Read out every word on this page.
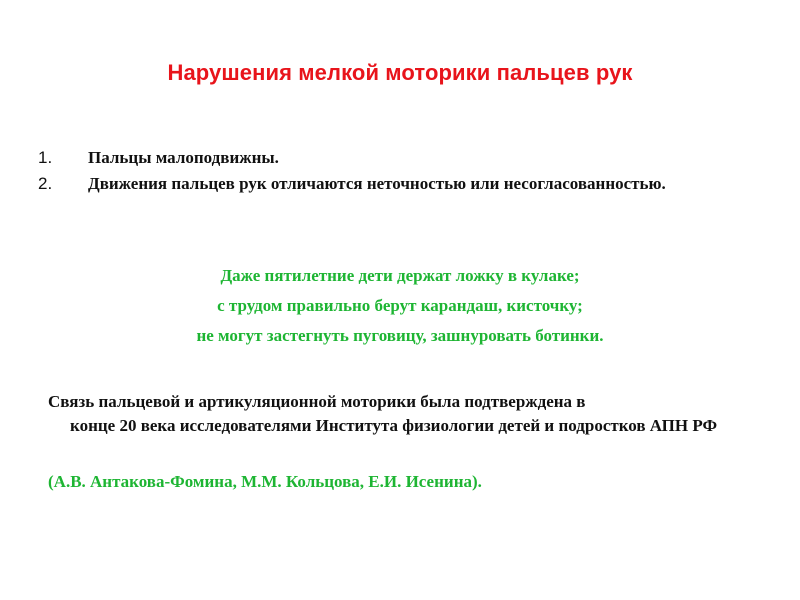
Нарушения мелкой моторики пальцев рук
1. Пальцы малоподвижны.
2. Движения пальцев рук отличаются неточностью или несогласованностью.
Даже пятилетние дети держат ложку в кулаке;
с трудом правильно берут карандаш, кисточку;
не могут застегнуть пуговицу, зашнуровать ботинки.
Связь пальцевой и артикуляционной моторики была подтверждена в
конце 20 века исследователями Института физиологии детей и подростков АПН РФ
(А.В. Антакова-Фомина, М.М. Кольцова, Е.И. Исенина).
